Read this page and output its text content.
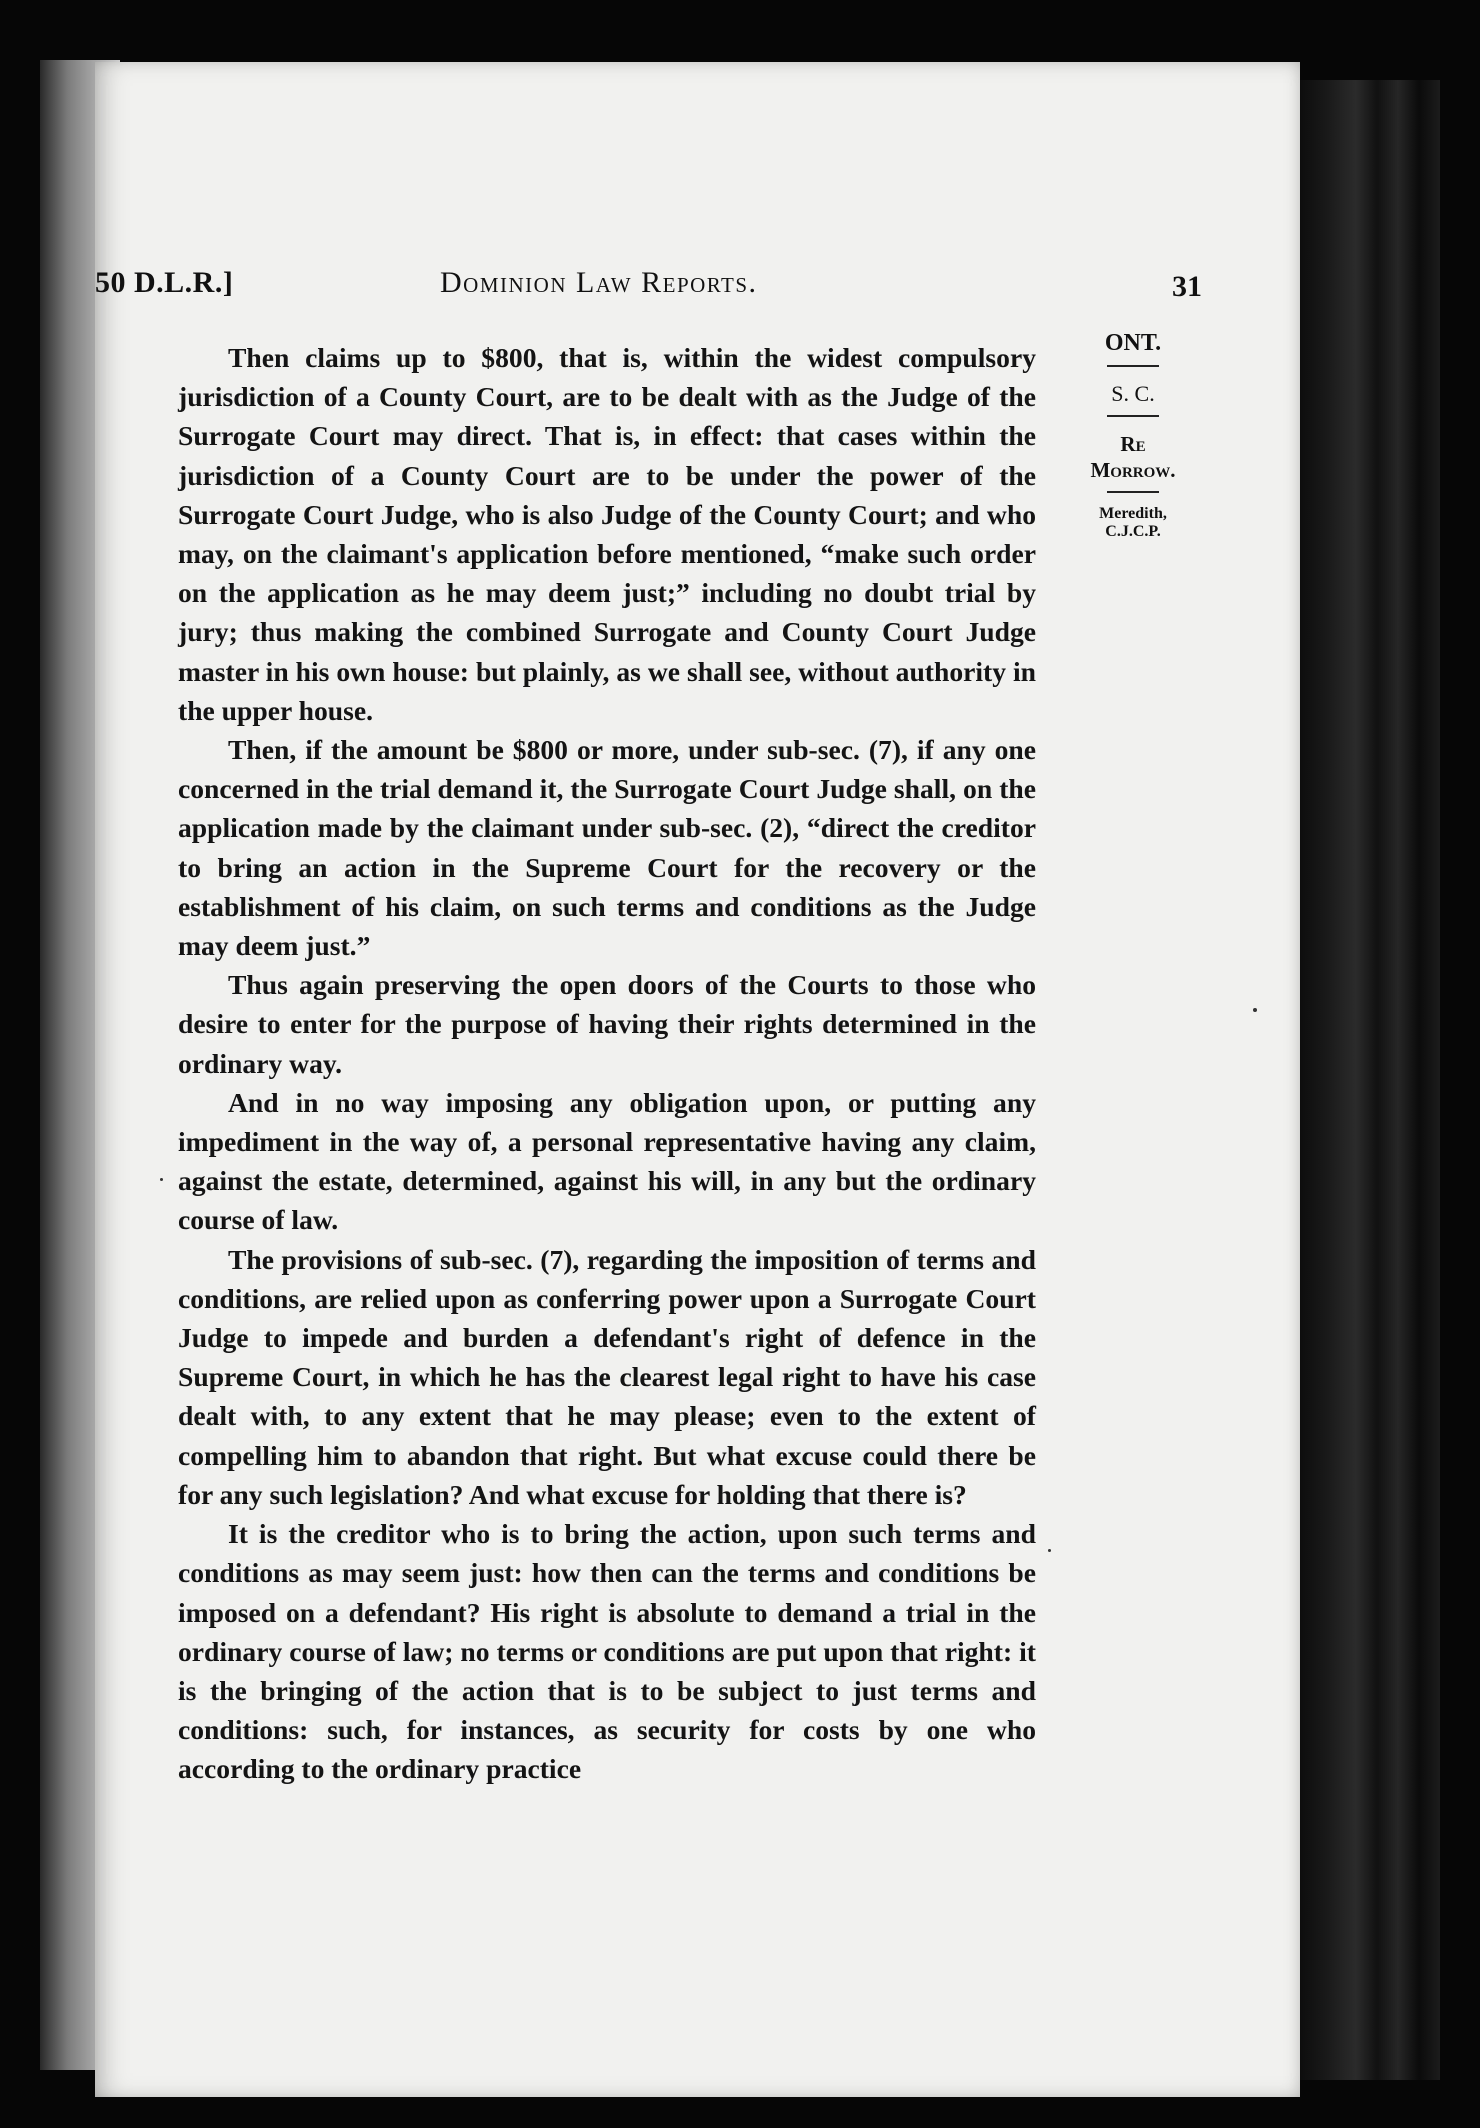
50 D.L.R.]	Dominion Law Reports.	31
ONT.
S. C.
Re
Morrow.
Meredith,
C.J.C.P.

Then claims up to $800, that is, within the widest compulsory jurisdiction of a County Court, are to be dealt with as the Judge of the Surrogate Court may direct. That is, in effect: that cases within the jurisdiction of a County Court are to be under the power of the Surrogate Court Judge, who is also Judge of the County Court; and who may, on the claimant's application before mentioned, “make such order on the application as he may deem just;” including no doubt trial by jury; thus making the combined Surrogate and County Court Judge master in his own house: but plainly, as we shall see, without authority in the upper house.

Then, if the amount be $800 or more, under sub-sec. (7), if any one concerned in the trial demand it, the Surrogate Court Judge shall, on the application made by the claimant under sub-sec. (2), “direct the creditor to bring an action in the Supreme Court for the recovery or the establishment of his claim, on such terms and conditions as the Judge may deem just.”

Thus again preserving the open doors of the Courts to those who desire to enter for the purpose of having their rights determined in the ordinary way.

And in no way imposing any obligation upon, or putting any impediment in the way of, a personal representative having any claim, against the estate, determined, against his will, in any but the ordinary course of law.

The provisions of sub-sec. (7), regarding the imposition of terms and conditions, are relied upon as conferring power upon a Surrogate Court Judge to impede and burden a defendant's right of defence in the Supreme Court, in which he has the clearest legal right to have his case dealt with, to any extent that he may please; even to the extent of compelling him to abandon that right. But what excuse could there be for any such legislation? And what excuse for holding that there is?

It is the creditor who is to bring the action, upon such terms and conditions as may seem just: how then can the terms and conditions be imposed on a defendant? His right is absolute to demand a trial in the ordinary course of law; no terms or conditions are put upon that right: it is the bringing of the action that is to be subject to just terms and conditions: such, for instances, as security for costs by one who according to the ordinary practice
